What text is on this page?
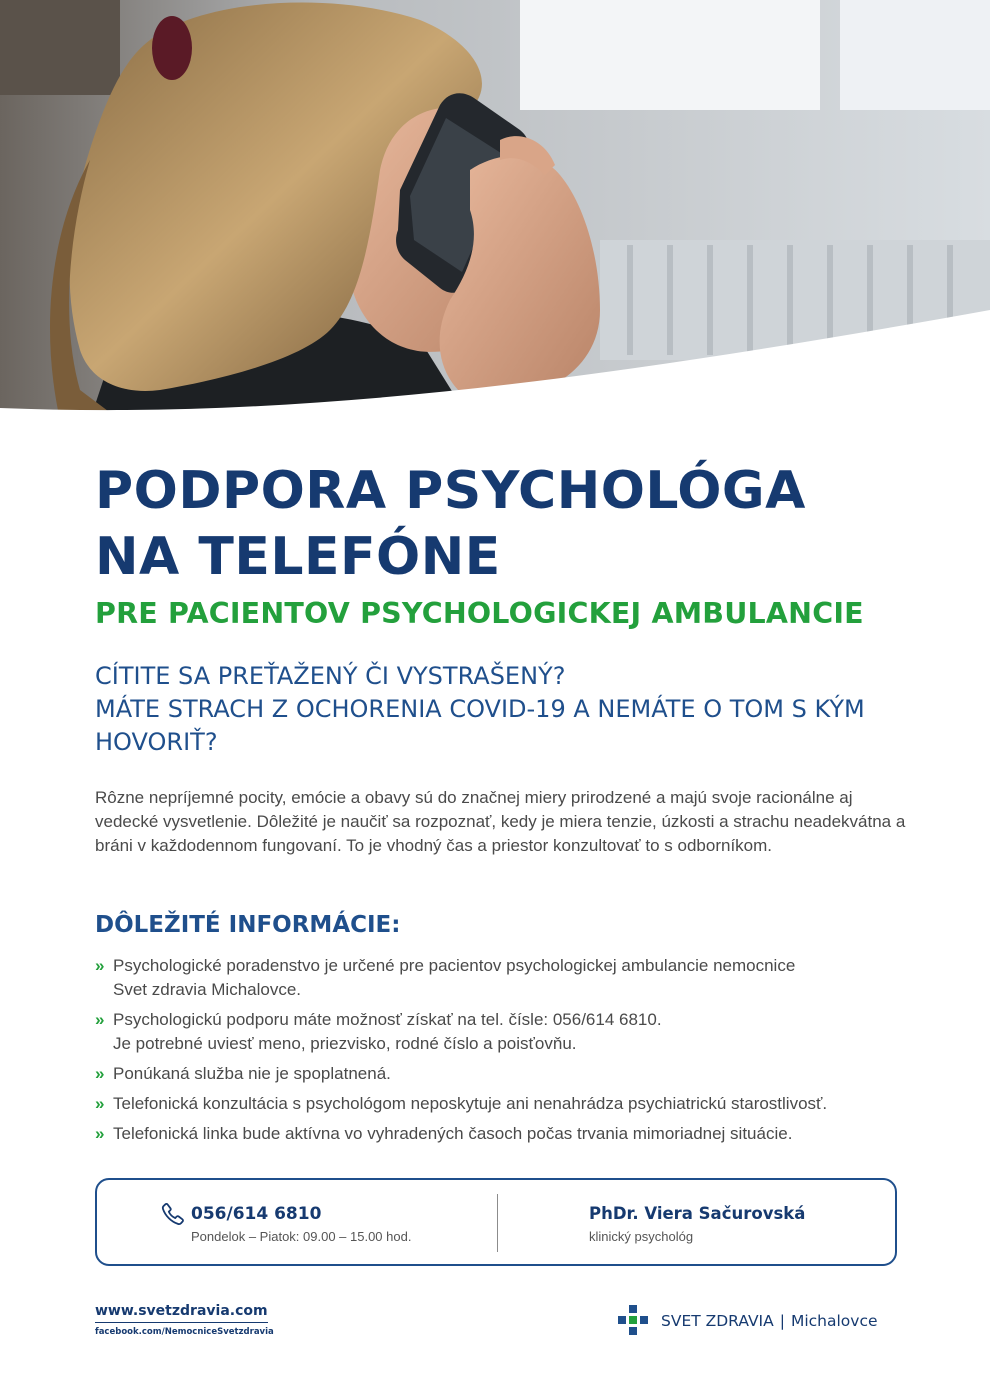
PODPORA PSYCHOLÓGA
NA TELEFÓNE
PRE PACIENTOV PSYCHOLOGICKEJ AMBULANCIE
CÍTITE SA PREŤAŽENÝ ČI VYSTRAŠENÝ?
MÁTE STRACH Z OCHORENIA COVID-19 A NEMÁTE O TOM S KÝM
HOVORIŤ?

Rôzne nepríjemné pocity, emócie a obavy sú do značnej miery prirodzené a majú svoje racionálne aj vedecké vysvetlenie. Dôležité je naučiť sa rozpoznať, kedy je miera tenzie, úzkosti a strachu neadekvátna a bráni v každodennom fungovaní. To je vhodný čas a priestor konzultovať to s odborníkom.

DÔLEŽITÉ INFORMÁCIE:
» Psychologické poradenstvo je určené pre pacientov psychologickej ambulancie nemocnice
Svet zdravia Michalovce.
» Psychologickú podporu máte možnosť získať na tel. čísle: 056/614 6810.
Je potrebné uviesť meno, priezvisko, rodné číslo a poisťovňu.
» Ponúkaná služba nie je spoplatnená.
» Telefonická konzultácia s psychológom neposkytuje ani nenahrádza psychiatrickú starostlivosť.
» Telefonická linka bude aktívna vo vyhradených časoch počas trvania mimoriadnej situácie.
056/614 6810
Pondelok – Piatok: 09.00 – 15.00 hod.
PhDr. Viera Sačurovská
klinický psychológ
www.svetzdravia.com
facebook.com/NemocniceSvetzdravia
SVET ZDRAVIA | Michalovce
